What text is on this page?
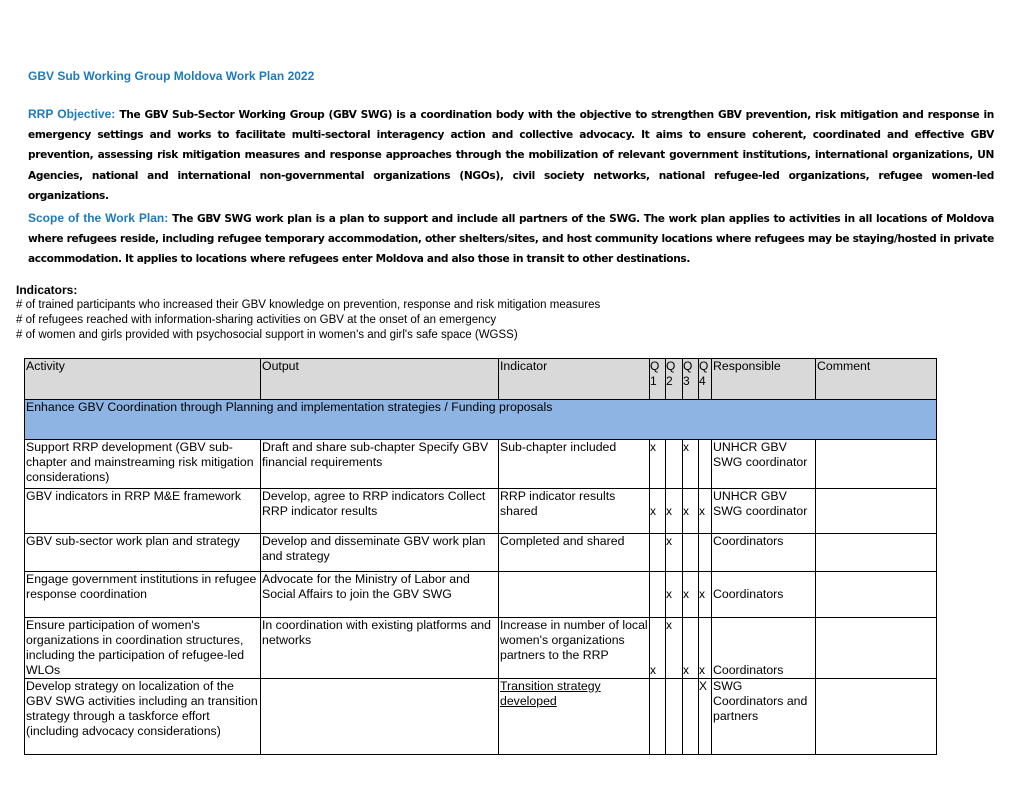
GBV Sub Working Group Moldova Work Plan 2022
RRP Objective: The GBV Sub-Sector Working Group (GBV SWG) is a coordination body with the objective to strengthen GBV prevention, risk mitigation and response in emergency settings and works to facilitate multi-sectoral interagency action and collective advocacy. It aims to ensure coherent, coordinated and effective GBV prevention, assessing risk mitigation measures and response approaches through the mobilization of relevant government institutions, international organizations, UN Agencies, national and international non-governmental organizations (NGOs), civil society networks, national refugee-led organizations, refugee women-led organizations.
Scope of the Work Plan: The GBV SWG work plan is a plan to support and include all partners of the SWG. The work plan applies to activities in all locations of Moldova where refugees reside, including refugee temporary accommodation, other shelters/sites, and host community locations where refugees may be staying/hosted in private accommodation. It applies to locations where refugees enter Moldova and also those in transit to other destinations.
Indicators:
# of trained participants who increased their GBV knowledge on prevention, response and risk mitigation measures
# of refugees reached with information-sharing activities on GBV at the onset of an emergency
# of women and girls provided with psychosocial support in women's and girl's safe space (WGSS)
Activity	Output	Indicator	Q 1	Q 2	Q 3	Q 4	Responsible	Comment
Enhance GBV Coordination through Planning and implementation strategies / Funding proposals								
Support RRP development (GBV sub-chapter and mainstreaming risk mitigation considerations)	Draft and share sub-chapter Specify GBV financial requirements	Sub-chapter included	x		x		UNHCR GBV SWG coordinator	
GBV indicators in RRP M&E framework	Develop, agree to RRP indicators Collect RRP indicator results	RRP indicator results shared	x	x	x	x	UNHCR GBV SWG coordinator	
GBV sub-sector work plan and strategy	Develop and disseminate GBV work plan and strategy	Completed and shared		x			Coordinators	
Engage government institutions in refugee response coordination	Advocate for the Ministry of Labor and Social Affairs to join the GBV SWG			x	x	x	Coordinators	
Ensure participation of women's organizations in coordination structures, including the participation of refugee-led WLOs	In coordination with existing platforms and networks	Increase in number of local women's organizations partners to the RRP	x	x	x	x	Coordinators	
Develop strategy on localization of the GBV SWG activities including an transition strategy through a taskforce effort (including advocacy considerations)		Transition strategy developed				X	SWG Coordinators and partners	
